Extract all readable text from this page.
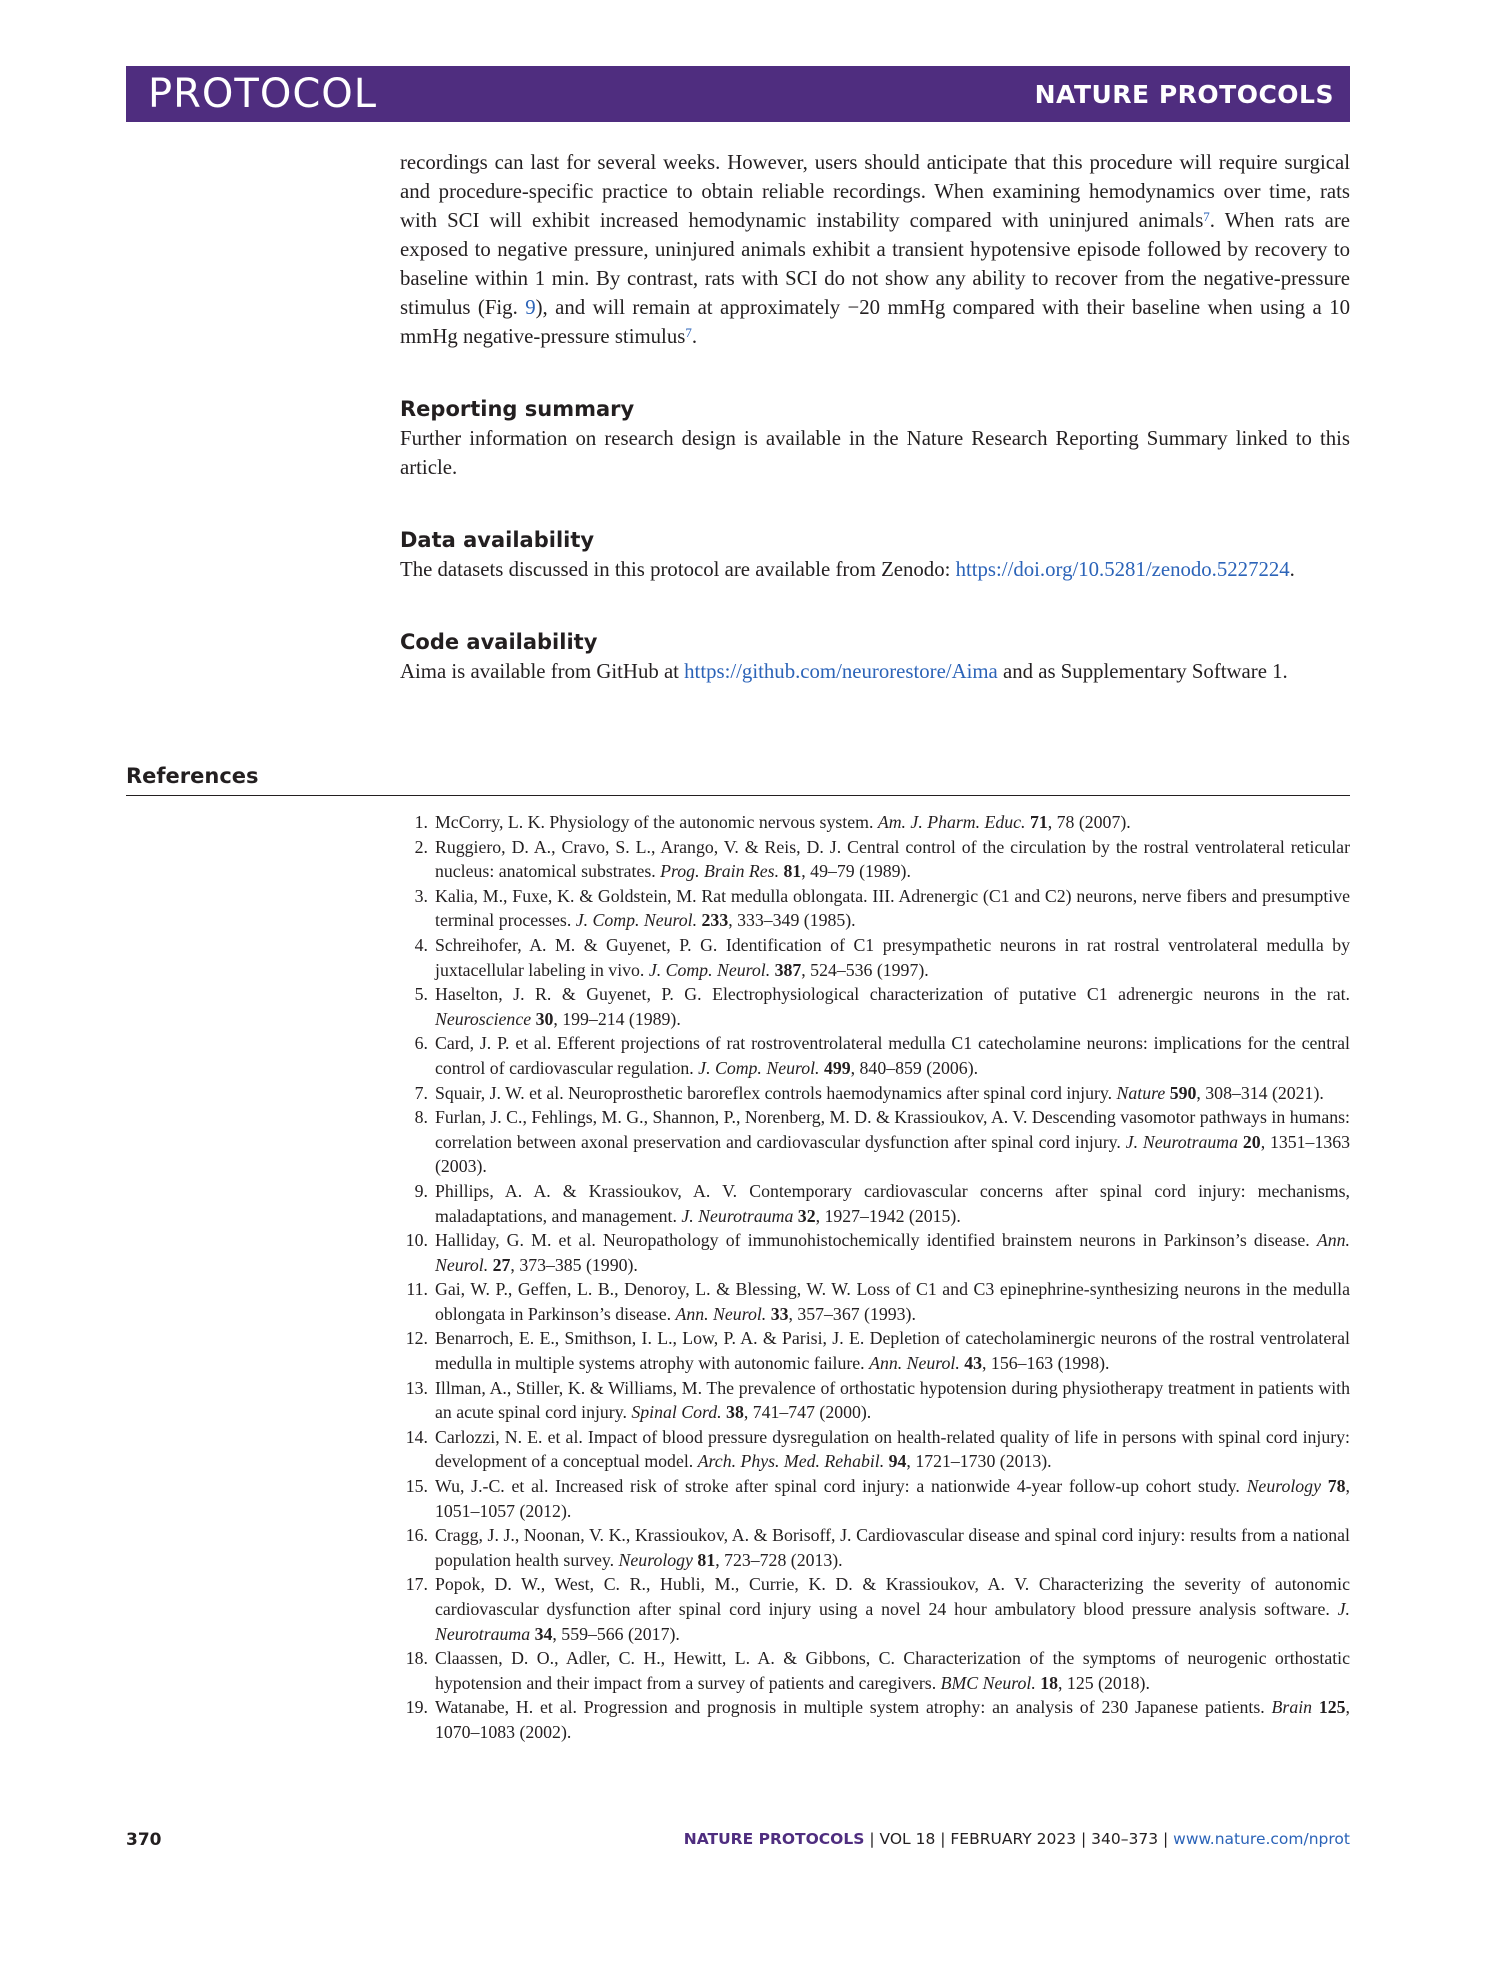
PROTOCOL	NATURE PROTOCOLS

recordings can last for several weeks. However, users should anticipate that this procedure will require surgical and procedure-specific practice to obtain reliable recordings. When examining hemodynamics over time, rats with SCI will exhibit increased hemodynamic instability compared with uninjured animals$^7$. When rats are exposed to negative pressure, uninjured animals exhibit a transient hypotensive episode followed by recovery to baseline within 1 min. By contrast, rats with SCI do not show any ability to recover from the negative-pressure stimulus (Fig. 9), and will remain at approximately −20 mmHg compared with their baseline when using a 10 mmHg negative-pressure stimulus$^7$.

Reporting summary

Further information on research design is available in the Nature Research Reporting Summary linked to this article.

Data availability

The datasets discussed in this protocol are available from Zenodo: https://doi.org/10.5281/zenodo.5227224.

Code availability

Aima is available from GitHub at https://github.com/neurorestore/Aima and as Supplementary Software 1.

References
1. McCorry, L. K. Physiology of the autonomic nervous system. Am. J. Pharm. Educ. 71, 78 (2007).
2. Ruggiero, D. A., Cravo, S. L., Arango, V. & Reis, D. J. Central control of the circulation by the rostral ventrolateral reticular nucleus: anatomical substrates. Prog. Brain Res. 81, 49–79 (1989).
3. Kalia, M., Fuxe, K. & Goldstein, M. Rat medulla oblongata. III. Adrenergic (C1 and C2) neurons, nerve fibers and presumptive terminal processes. J. Comp. Neurol. 233, 333–349 (1985).
4. Schreihofer, A. M. & Guyenet, P. G. Identification of C1 presympathetic neurons in rat rostral ventrolateral medulla by juxtacellular labeling in vivo. J. Comp. Neurol. 387, 524–536 (1997).
5. Haselton, J. R. & Guyenet, P. G. Electrophysiological characterization of putative C1 adrenergic neurons in the rat. Neuroscience 30, 199–214 (1989).
6. Card, J. P. et al. Efferent projections of rat rostroventrolateral medulla C1 catecholamine neurons: implications for the central control of cardiovascular regulation. J. Comp. Neurol. 499, 840–859 (2006).
7. Squair, J. W. et al. Neuroprosthetic baroreflex controls haemodynamics after spinal cord injury. Nature 590, 308–314 (2021).
8. Furlan, J. C., Fehlings, M. G., Shannon, P., Norenberg, M. D. & Krassioukov, A. V. Descending vasomotor pathways in humans: correlation between axonal preservation and cardiovascular dysfunction after spinal cord injury. J. Neurotrauma 20, 1351–1363 (2003).
9. Phillips, A. A. & Krassioukov, A. V. Contemporary cardiovascular concerns after spinal cord injury: mechanisms, maladaptations, and management. J. Neurotrauma 32, 1927–1942 (2015).
10. Halliday, G. M. et al. Neuropathology of immunohistochemically identified brainstem neurons in Parkinson’s disease. Ann. Neurol. 27, 373–385 (1990).
11. Gai, W. P., Geffen, L. B., Denoroy, L. & Blessing, W. W. Loss of C1 and C3 epinephrine-synthesizing neurons in the medulla oblongata in Parkinson’s disease. Ann. Neurol. 33, 357–367 (1993).
12. Benarroch, E. E., Smithson, I. L., Low, P. A. & Parisi, J. E. Depletion of catecholaminergic neurons of the rostral ventrolateral medulla in multiple systems atrophy with autonomic failure. Ann. Neurol. 43, 156–163 (1998).
13. Illman, A., Stiller, K. & Williams, M. The prevalence of orthostatic hypotension during physiotherapy treatment in patients with an acute spinal cord injury. Spinal Cord. 38, 741–747 (2000).
14. Carlozzi, N. E. et al. Impact of blood pressure dysregulation on health-related quality of life in persons with spinal cord injury: development of a conceptual model. Arch. Phys. Med. Rehabil. 94, 1721–1730 (2013).
15. Wu, J.-C. et al. Increased risk of stroke after spinal cord injury: a nationwide 4-year follow-up cohort study. Neurology 78, 1051–1057 (2012).
16. Cragg, J. J., Noonan, V. K., Krassioukov, A. & Borisoff, J. Cardiovascular disease and spinal cord injury: results from a national population health survey. Neurology 81, 723–728 (2013).
17. Popok, D. W., West, C. R., Hubli, M., Currie, K. D. & Krassioukov, A. V. Characterizing the severity of autonomic cardiovascular dysfunction after spinal cord injury using a novel 24 hour ambulatory blood pressure analysis software. J. Neurotrauma 34, 559–566 (2017).
18. Claassen, D. O., Adler, C. H., Hewitt, L. A. & Gibbons, C. Characterization of the symptoms of neurogenic orthostatic hypotension and their impact from a survey of patients and caregivers. BMC Neurol. 18, 125 (2018).
19. Watanabe, H. et al. Progression and prognosis in multiple system atrophy: an analysis of 230 Japanese patients. Brain 125, 1070–1083 (2002).
370	NATURE PROTOCOLS | VOL 18 | FEBRUARY 2023 | 340–373 | www.nature.com/nprot
